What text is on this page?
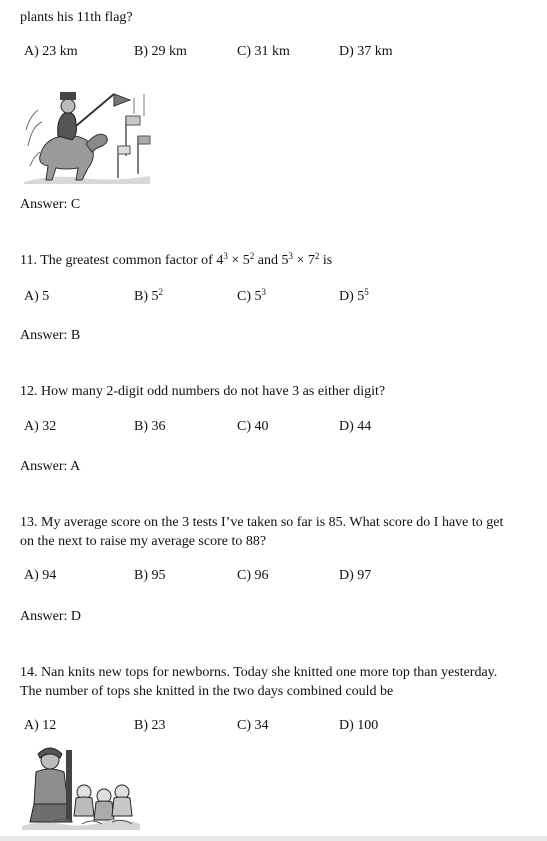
plants his 11th flag?
A) 23 km	B) 29 km	C) 31 km	D) 37 km
Answer: C
11. The greatest common factor of $4^3 \times 5^2$ and $5^3 \times 7^2$ is
A) 5	B) $5^2$	C) $5^3$	D) $5^5$
Answer: B
12. How many 2-digit odd numbers do not have 3 as either digit?
A) 32	B) 36	C) 40	D) 44
Answer: A
13. My average score on the 3 tests I’ve taken so far is 85. What score do I have to get
on the next to raise my average score to 88?
A) 94	B) 95	C) 96	D) 97
Answer: D
14. Nan knits new tops for newborns. Today she knitted one more top than yesterday.
The number of tops she knitted in the two days combined could be
A) 12	B) 23	C) 34	D) 100
